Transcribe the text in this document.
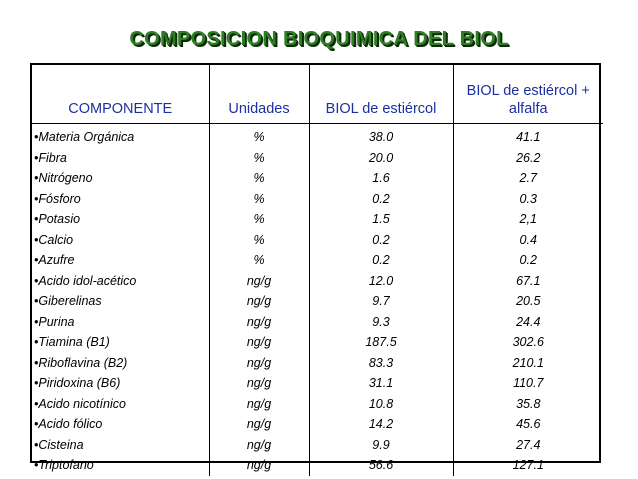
COMPOSICION BIOQUIMICA DEL BIOL
COMPONENTE	Unidades	BIOL de estiércol	BIOL de estiércol + alfalfa
•Materia Orgánica	%	38.0	41.1
•Fibra	%	20.0	26.2
•Nitrógeno	%	1.6	2.7
•Fósforo	%	0.2	0.3
•Potasio	%	1.5	2,1
•Calcio	%	0.2	0.4
•Azufre	%	0.2	0.2
•Acido idol-acético	ng/g	12.0	67.1
•Giberelinas	ng/g	9.7	20.5
•Purina	ng/g	9.3	24.4
•Tiamina (B1)	ng/g	187.5	302.6
•Riboflavina (B2)	ng/g	83.3	210.1
•Piridoxina (B6)	ng/g	31.1	110.7
•Acido nicotínico	ng/g	10.8	35.8
•Acido fólico	ng/g	14.2	45.6
•Cisteina	ng/g	9.9	27.4
•Triptofano	ng/g	56.6	127.1
